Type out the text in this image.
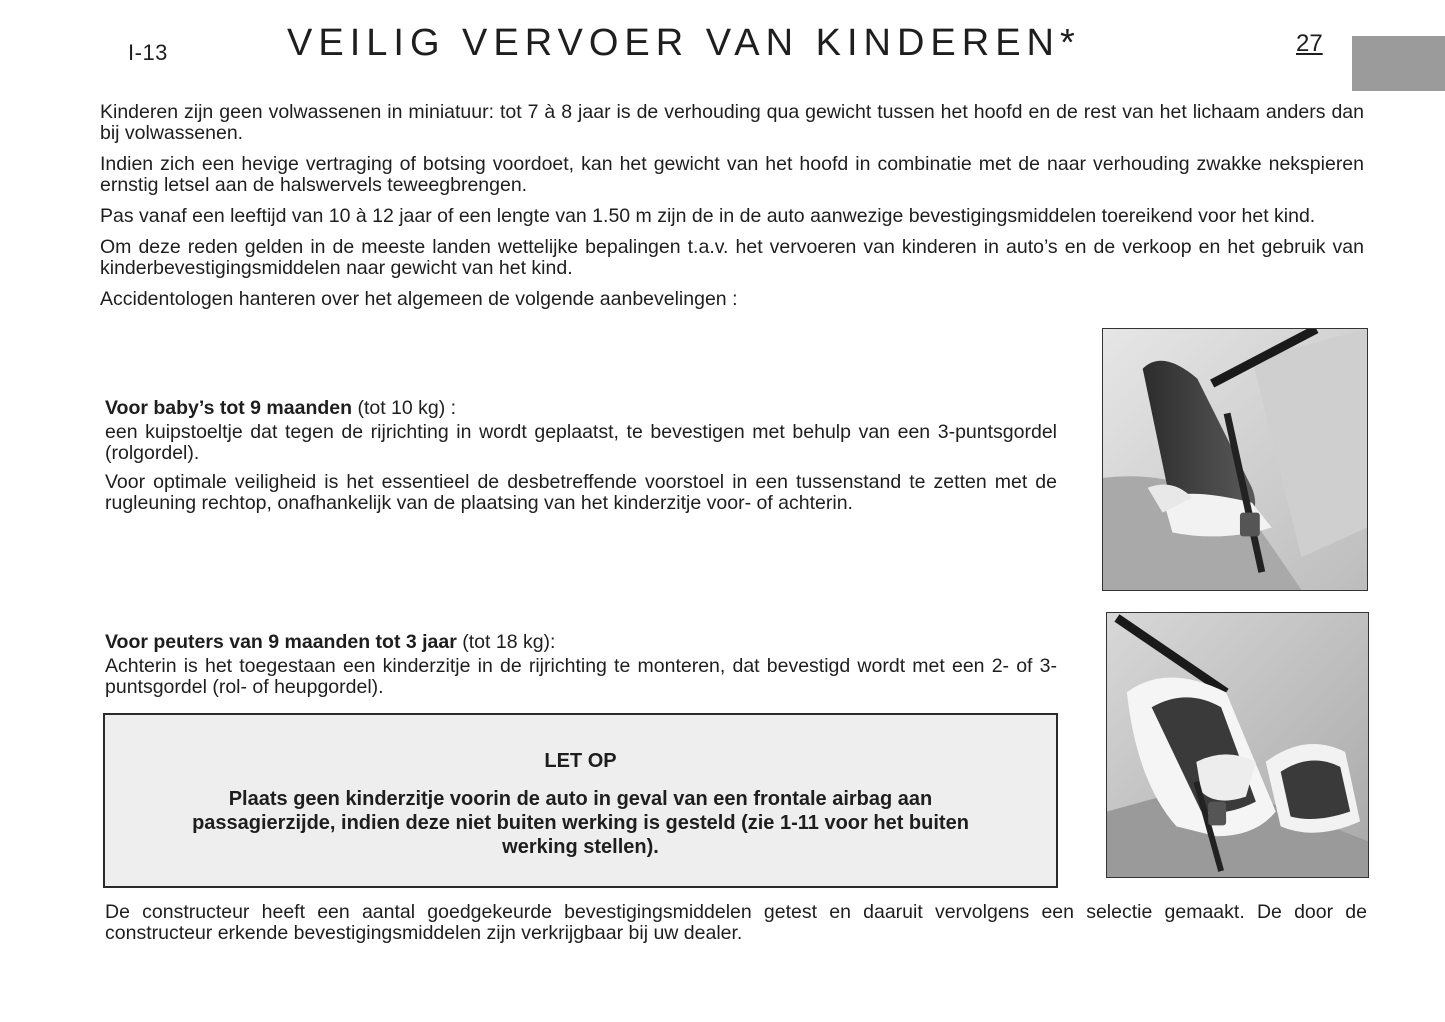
I-13	VEILIG VERVOER VAN KINDEREN*	27

Kinderen zijn geen volwassenen in miniatuur: tot 7 à 8 jaar is de verhouding qua gewicht tussen het hoofd en de rest van het lichaam anders dan bij volwassenen.

Indien zich een hevige vertraging of botsing voordoet, kan het gewicht van het hoofd in combinatie met de naar verhouding zwakke nekspieren ernstig letsel aan de halswervels teweegbrengen.

Pas vanaf een leeftijd van 10 à 12 jaar of een lengte van 1.50 m zijn de in de auto aanwezige bevestigingsmiddelen toereikend voor het kind.

Om deze reden gelden in de meeste landen wettelijke bepalingen t.a.v. het vervoeren van kinderen in auto’s en de verkoop en het gebruik van kinderbevestigingsmiddelen naar gewicht van het kind.

Accidentologen hanteren over het algemeen de volgende aanbevelingen :

Voor baby’s tot 9 maanden (tot 10 kg) :

een kuipstoeltje dat tegen de rijrichting in wordt geplaatst, te bevestigen met behulp van een 3-puntsgordel (rolgordel).

Voor optimale veiligheid is het essentieel de desbetreffende voorstoel in een tussenstand te zetten met de rugleuning rechtop, onafhankelijk van de plaatsing van het kinderzitje voor- of achterin.

Voor peuters van 9 maanden tot 3 jaar (tot 18 kg):

Achterin is het toegestaan een kinderzitje in de rijrichting te monteren, dat bevestigd wordt met een 2- of 3-puntsgordel (rol- of heupgordel).

LET OP
Plaats geen kinderzitje voorin de auto in geval van een frontale airbag aan passagierzijde, indien deze niet buiten werking is gesteld (zie 1-11 voor het buiten werking stellen).

De constructeur heeft een aantal goedgekeurde bevestigingsmiddelen getest en daaruit vervolgens een selectie gemaakt. De door de constructeur erkende bevestigingsmiddelen zijn verkrijgbaar bij uw dealer.
